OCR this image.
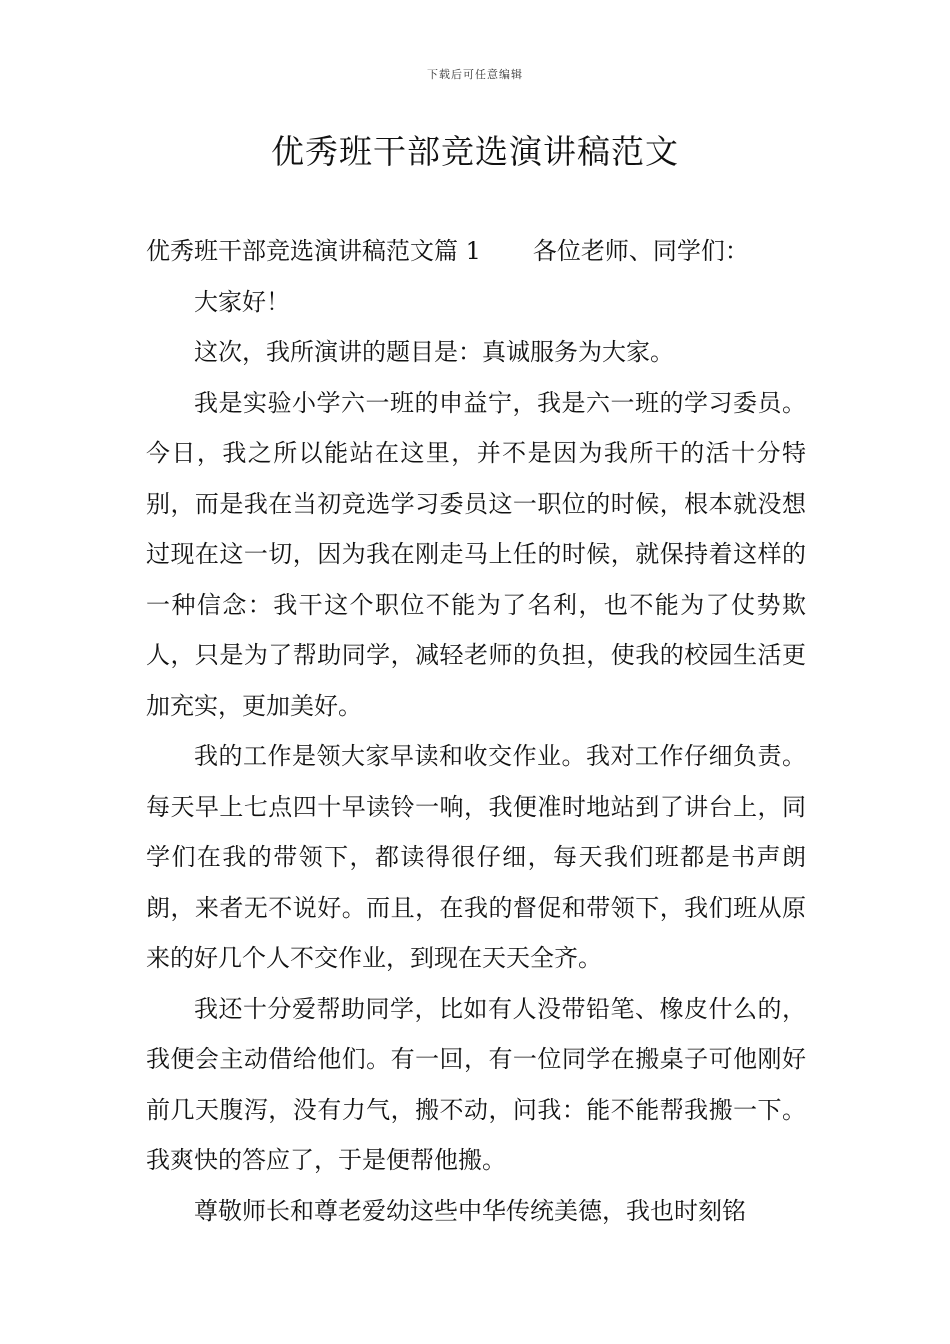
下载后可任意编辑
优秀班干部竞选演讲稿范文

优秀班干部竞选演讲稿范文篇 1 各位老师、同学们：

大家好！

这次，我所演讲的题目是：真诚服务为大家。

我是实验小学六一班的申益宁，我是六一班的学习委员。今日，我之所以能站在这里，并不是因为我所干的活十分特别，而是我在当初竞选学习委员这一职位的时候，根本就没想过现在这一切，因为我在刚走马上任的时候，就保持着这样的一种信念：我干这个职位不能为了名利，也不能为了仗势欺人，只是为了帮助同学，减轻老师的负担，使我的校园生活更加充实，更加美好。

我的工作是领大家早读和收交作业。我对工作仔细负责。每天早上七点四十早读铃一响，我便准时地站到了讲台上，同学们在我的带领下，都读得很仔细，每天我们班都是书声朗朗，来者无不说好。而且，在我的督促和带领下，我们班从原来的好几个人不交作业，到现在天天全齐。

我还十分爱帮助同学，比如有人没带铅笔、橡皮什么的，我便会主动借给他们。有一回，有一位同学在搬桌子可他刚好前几天腹泻，没有力气，搬不动，问我：能不能帮我搬一下。我爽快的答应了，于是便帮他搬。

尊敬师长和尊老爱幼这些中华传统美德，我也时刻铭
